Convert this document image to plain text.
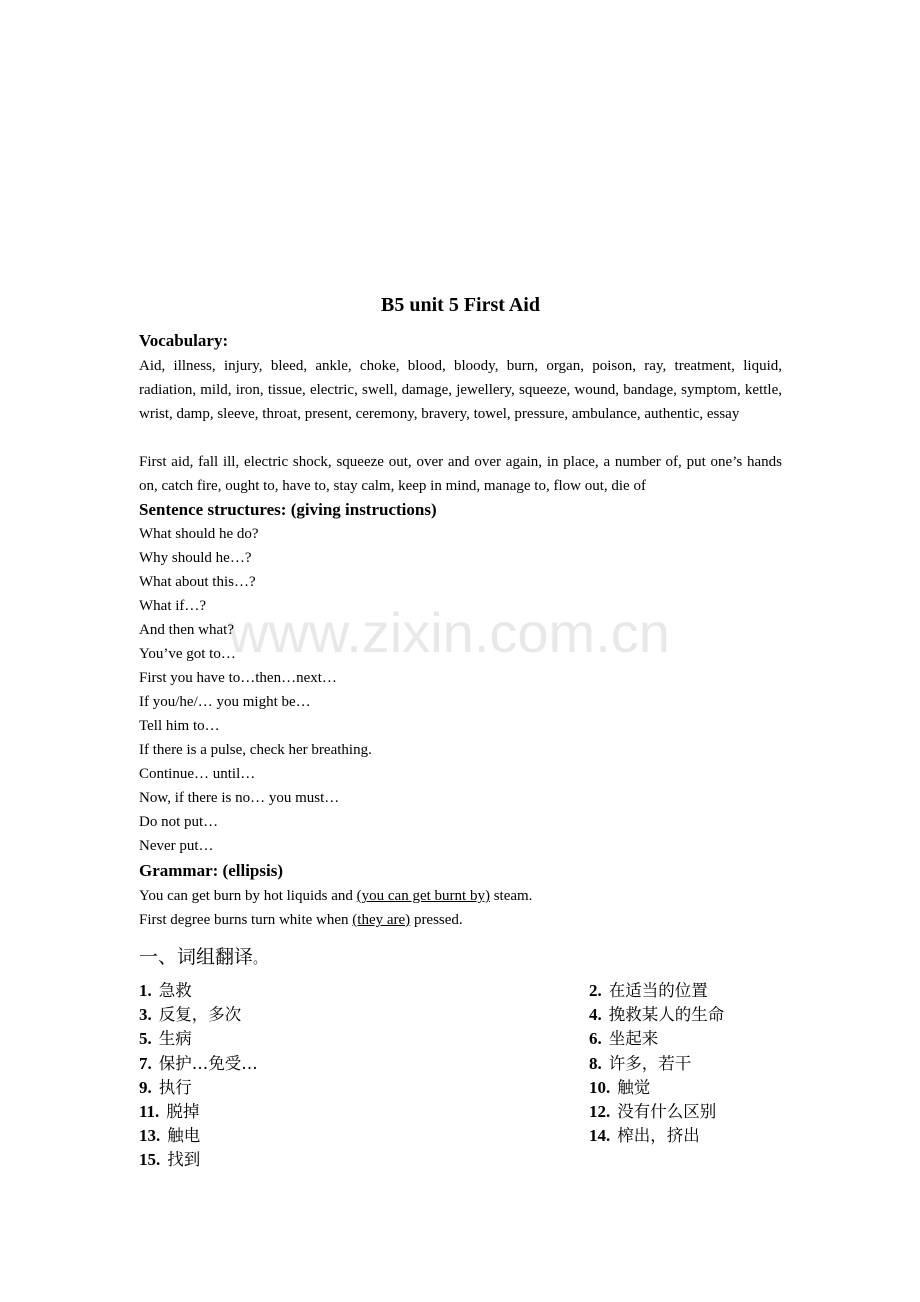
www.zixin.com.cn
B5 unit 5 First Aid
Vocabulary:
Aid, illness, injury, bleed, ankle, choke, blood, bloody, burn, organ, poison, ray, treatment, liquid, radiation, mild, iron, tissue, electric, swell, damage, jewellery, squeeze, wound, bandage, symptom, kettle, wrist, damp, sleeve, throat, present, ceremony, bravery, towel, pressure, ambulance, authentic, essay
First aid, fall ill, electric shock, squeeze out, over and over again, in place, a number of, put one’s hands on, catch fire, ought to, have to, stay calm, keep in mind, manage to, flow out, die of
Sentence structures: (giving instructions)
What should he do?
Why should he…?
What about this…?
What if…?
And then what?
You’ve got to…
First you have to…then…next…
If you/he/… you might be…
Tell him to…
If there is a pulse, check her breathing.
Continue… until…
Now, if there is no… you must…
Do not put…
Never put…
Grammar: (ellipsis)
You can get burn by hot liquids and (you can get burnt by) steam.
First degree burns turn white when (they are) pressed.
一、词组翻译。
1. 急救	2. 在适当的位置
3. 反复，多次	4. 挽救某人的生命
5. 生病	6. 坐起来
7. 保护…免受…	8. 许多，若干
9. 执行	10. 触觉
11. 脱掉	12. 没有什么区别
13. 触电	14. 榨出，挤出
15. 找到
